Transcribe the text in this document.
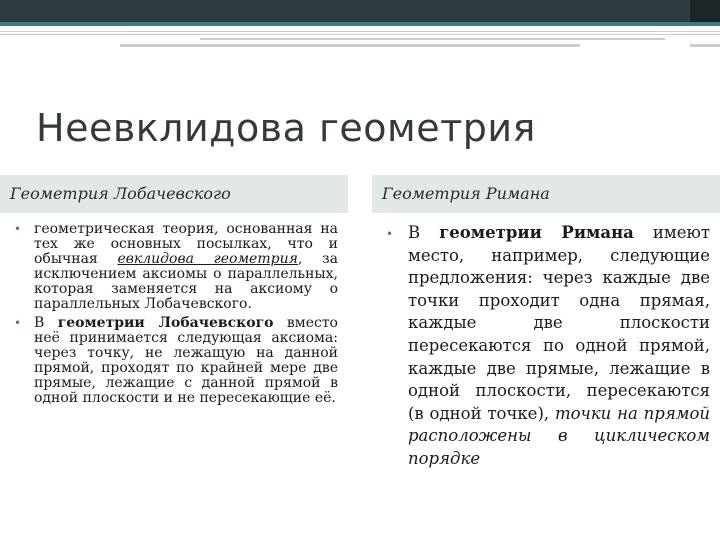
Неевклидова геометрия
Геометрия Лобачевского	Геометрия Римана
• геометрическая теория, основанная на тех же основных посылках, что и обычная евклидова геометрия, за исключением аксиомы о параллельных, которая заменяется на аксиому о параллельных Лобачевского.
• В геометрии Лобачевского вместо неё принимается следующая аксиома: через точку, не лежащую на данной прямой, проходят по крайней мере две прямые, лежащие с данной прямой в одной плоскости и не пересекающие её.
• В геометрии Римана имеют место, например, следующие предложения: через каждые две точки проходит одна прямая, каждые две плоскости пересекаются по одной прямой, каждые две прямые, лежащие в одной плоскости, пересекаются (в одной точке), точки на прямой расположены в циклическом порядке
